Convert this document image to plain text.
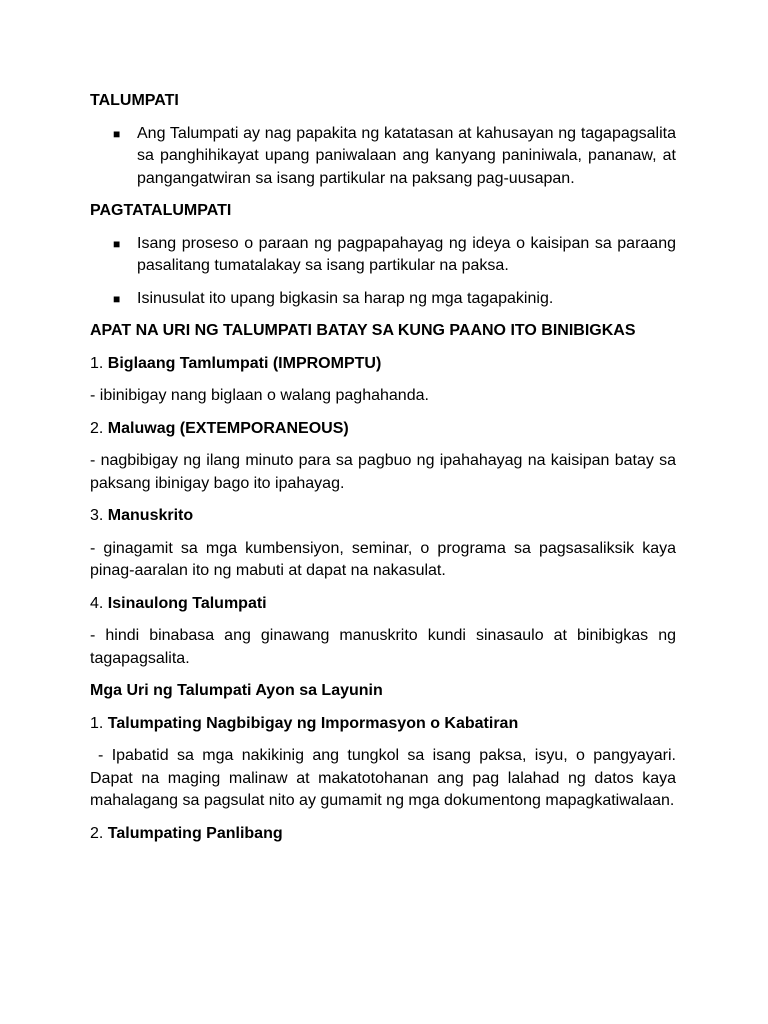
TALUMPATI

■ Ang Talumpati ay nag papakita ng katatasan at kahusayan ng tagapagsalita sa panghihikayat upang paniwalaan ang kanyang paniniwala, pananaw, at pangangatwiran sa isang partikular na paksang pag-uusapan.

PAGTATALUMPATI

■ Isang proseso o paraan ng pagpapahayag ng ideya o kaisipan sa paraang pasalitang tumatalakay sa isang partikular na paksa.
■ Isinusulat ito upang bigkasin sa harap ng mga tagapakinig.

APAT NA URI NG TALUMPATI BATAY SA KUNG PAANO ITO BINIBIGKAS

1. Biglaang Tamlumpati (IMPROMPTU)

- ibinibigay nang biglaan o walang paghahanda.

2. Maluwag (EXTEMPORANEOUS)

- nagbibigay ng ilang minuto para sa pagbuo ng ipahahayag na kaisipan batay sa paksang ibinigay bago ito ipahayag.

3. Manuskrito

- ginagamit sa mga kumbensiyon, seminar, o programa sa pagsasaliksik kaya pinag-aaralan ito ng mabuti at dapat na nakasulat.

4. Isinaulong Talumpati

- hindi binabasa ang ginawang manuskrito kundi sinasaulo at binibigkas ng tagapagsalita.

Mga Uri ng Talumpati Ayon sa Layunin

1. Talumpating Nagbibigay ng Impormasyon o Kabatiran

- Ipabatid sa mga nakikinig ang tungkol sa isang paksa, isyu, o pangyayari. Dapat na maging malinaw at makatotohanan ang pag lalahad ng datos kaya mahalagang sa pagsulat nito ay gumamit ng mga dokumentong mapagkatiwalaan.

2. Talumpating Panlibang
